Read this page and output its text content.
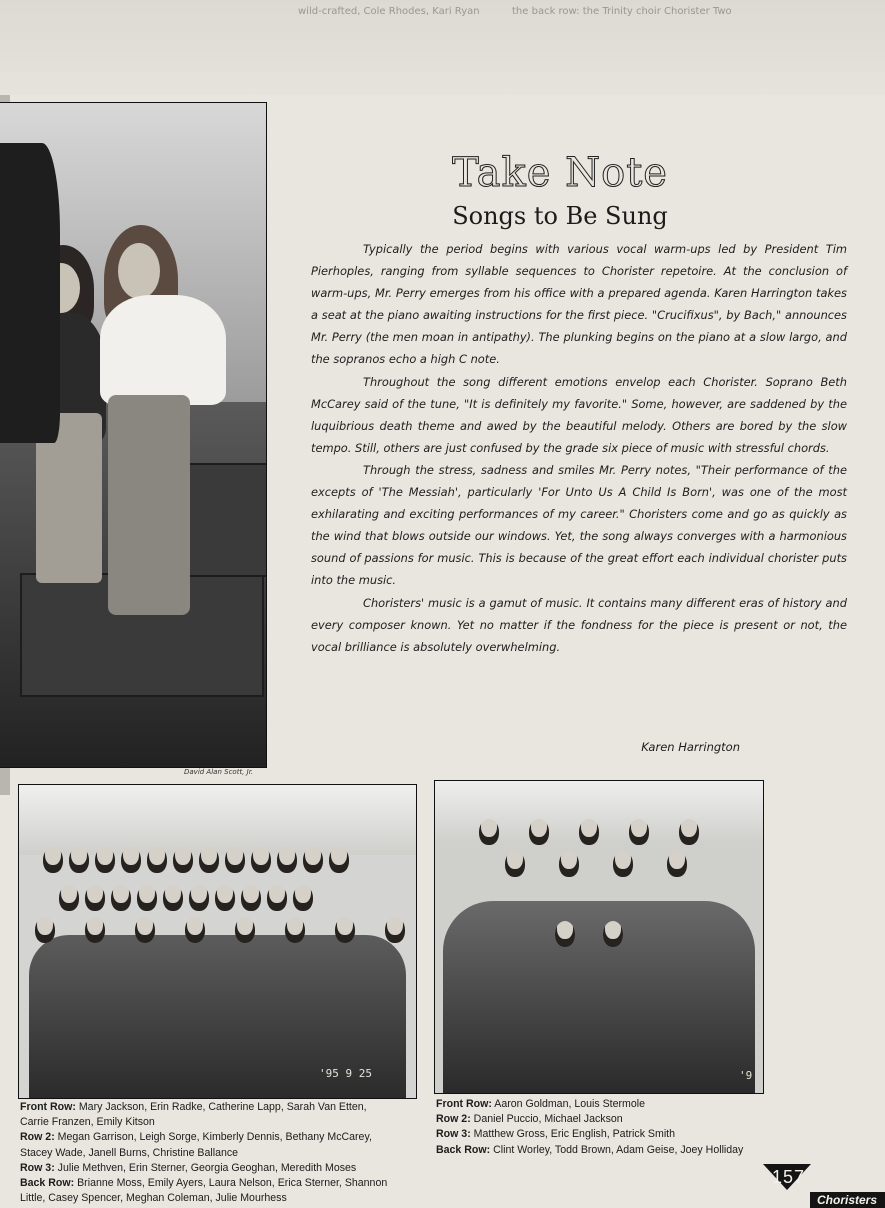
wild-crafted, Cole Rhodes, Kari Ryan	the back row: the Trinity choir Chorister Two
David Alan Scott, Jr.
Take Note
Songs to Be Sung

Typically the period begins with various vocal warm-ups led by President Tim Pierhoples, ranging from syllable sequences to Chorister repetoire. At the conclusion of warm-ups, Mr. Perry emerges from his office with a prepared agenda. Karen Harrington takes a seat at the piano awaiting instructions for the first piece. "Crucifixus", by Bach," announces Mr. Perry (the men moan in antipathy). The plunking begins on the piano at a slow largo, and the sopranos echo a high C note.

Throughout the song different emotions envelop each Chorister. Soprano Beth McCarey said of the tune, "It is definitely my favorite." Some, however, are saddened by the luquibrious death theme and awed by the beautiful melody. Others are bored by the slow tempo. Still, others are just confused by the grade six piece of music with stressful chords.

Through the stress, sadness and smiles Mr. Perry notes, "Their performance of the excepts of 'The Messiah', particularly 'For Unto Us A Child Is Born', was one of the most exhilarating and exciting performances of my career." Choristers come and go as quickly as the wind that blows outside our windows. Yet, the song always converges with a harmonious sound of passions for music. This is because of the great effort each individual chorister puts into the music.

Choristers' music is a gamut of music. It contains many different eras of history and every composer known. Yet no matter if the fondness for the piece is present or not, the vocal brilliance is absolutely overwhelming.

Karen Harrington
'95 9 25	'9
Front Row: Mary Jackson, Erin Radke, Catherine Lapp, Sarah Van Etten, Carrie Franzen, Emily Kitson
Row 2: Megan Garrison, Leigh Sorge, Kimberly Dennis, Bethany McCarey, Stacey Wade, Janell Burns, Christine Ballance
Row 3: Julie Methven, Erin Sterner, Georgia Geoghan, Meredith Moses
Back Row: Brianne Moss, Emily Ayers, Laura Nelson, Erica Sterner, Shannon Little, Casey Spencer, Meghan Coleman, Julie Mourhess
Front Row: Aaron Goldman, Louis Stermole
Row 2: Daniel Puccio, Michael Jackson
Row 3: Matthew Gross, Eric English, Patrick Smith
Back Row: Clint Worley, Todd Brown, Adam Geise, Joey Holliday
157
Choristers
